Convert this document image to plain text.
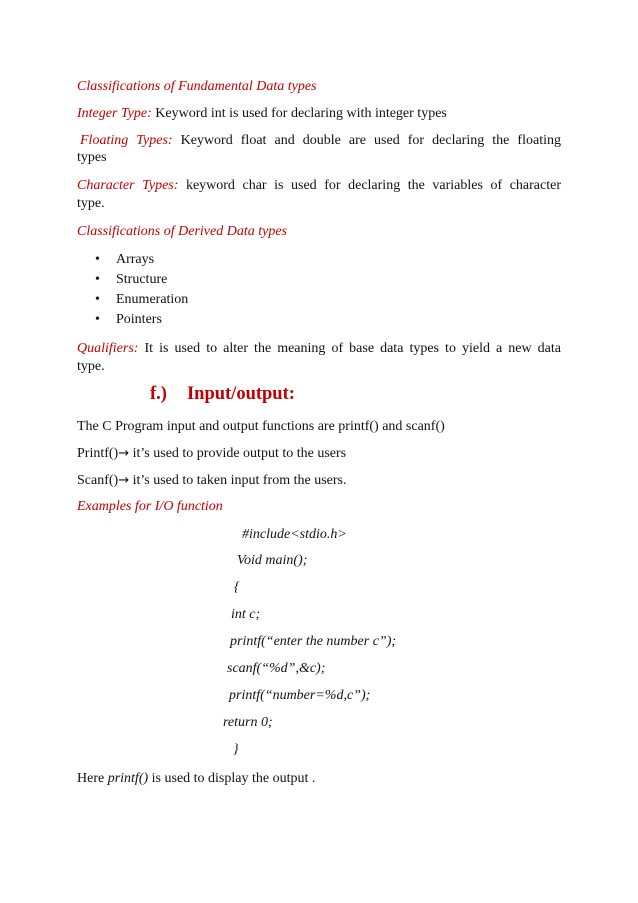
Classifications of Fundamental Data types
Integer Type: Keyword int is used for declaring with integer types
Floating Types: Keyword float and double are used for declaring the floating
types
Character Types: keyword char is used for declaring the variables of character
type.
Classifications of Derived Data types
• Arrays
• Structure
• Enumeration
• Pointers
Qualifiers: It is used to alter the meaning of base data types to yield a new data
type.
f.) Input/output:
The C Program input and output functions are printf() and scanf()
Printf()→ it’s used to provide output to the users
Scanf()→ it’s used to taken input from the users.
Examples for I/O function
#include<stdio.h>
Void main();
{
int c;
printf(“enter the number c”);
scanf(“%d”,&c);
printf(“number=%d,c”);
return 0;
}
Here printf() is used to display the output .
